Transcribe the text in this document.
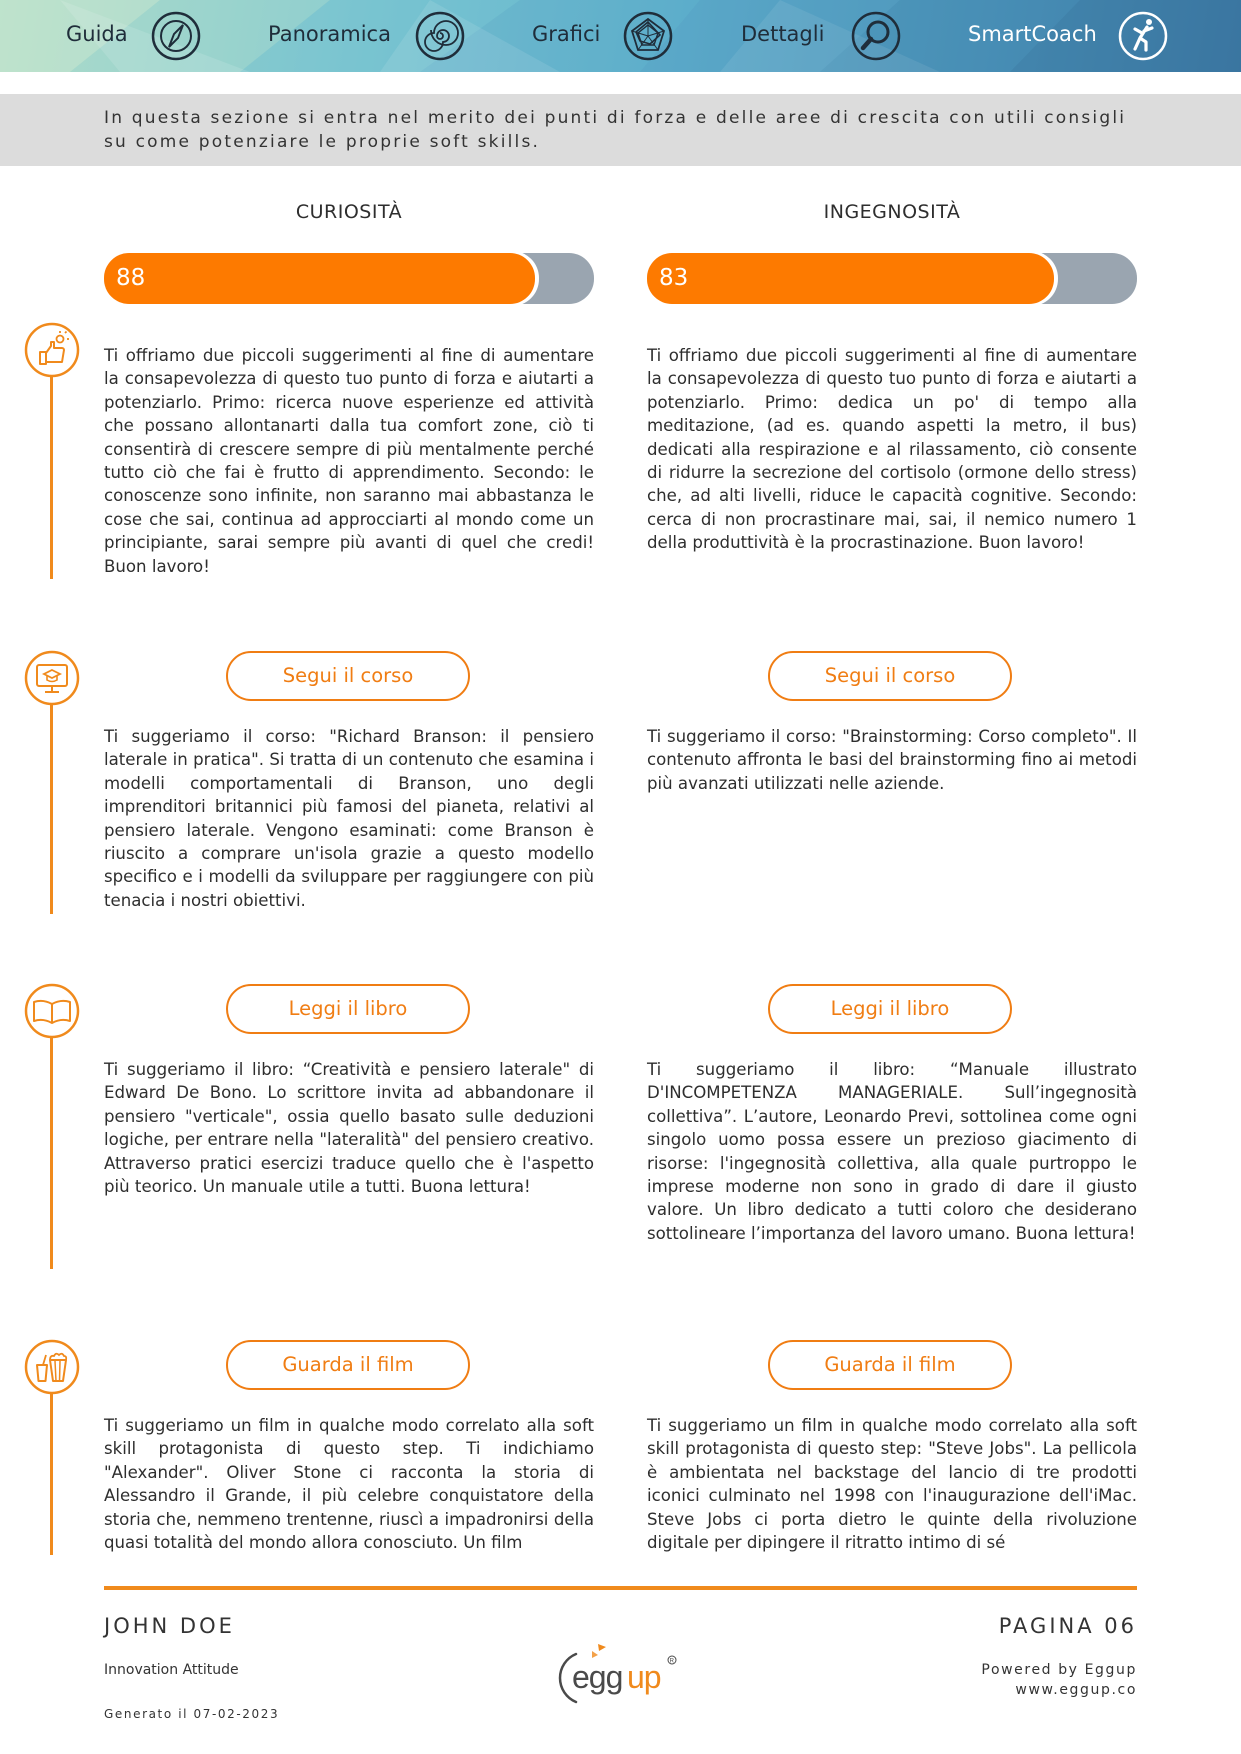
Guida	Panoramica	Grafici	Dettagli	SmartCoach

In questa sezione si entra nel merito dei punti di forza e delle aree di crescita con utili consigli su come potenziare le proprie soft skills.

CURIOSITÀ
88

Ti offriamo due piccoli suggerimenti al fine di aumentare la consapevolezza di questo tuo punto di forza e aiutarti a potenziarlo. Primo: ricerca nuove esperienze ed attività che possano allontanarti dalla tua comfort zone, ciò ti consentirà di crescere sempre di più mentalmente perché tutto ciò che fai è frutto di apprendimento. Secondo: le conoscenze sono infinite, non saranno mai abbastanza le cose che sai, continua ad approcciarti al mondo come un principiante, sarai sempre più avanti di quel che credi! Buon lavoro!

Segui il corso

Ti suggeriamo il corso: "Richard Branson: il pensiero laterale in pratica". Si tratta di un contenuto che esamina i modelli comportamentali di Branson, uno degli imprenditori britannici più famosi del pianeta, relativi al pensiero laterale. Vengono esaminati: come Branson è riuscito a comprare un'isola grazie a questo modello specifico e i modelli da sviluppare per raggiungere con più tenacia i nostri obiettivi.

Leggi il libro

Ti suggeriamo il libro: “Creatività e pensiero laterale" di Edward De Bono. Lo scrittore invita ad abbandonare il pensiero "verticale", ossia quello basato sulle deduzioni logiche, per entrare nella "lateralità" del pensiero creativo. Attraverso pratici esercizi traduce quello che è l'aspetto più teorico. Un manuale utile a tutti. Buona lettura!

Guarda il film

Ti suggeriamo un film in qualche modo correlato alla soft skill protagonista di questo step. Ti indichiamo "Alexander". Oliver Stone ci racconta la storia di Alessandro il Grande, il più celebre conquistatore della storia che, nemmeno trentenne, riuscì a impadronirsi della quasi totalità del mondo allora conosciuto. Un film

INGEGNOSITÀ
83

Ti offriamo due piccoli suggerimenti al fine di aumentare la consapevolezza di questo tuo punto di forza e aiutarti a potenziarlo. Primo: dedica un po' di tempo alla meditazione, (ad es. quando aspetti la metro, il bus) dedicati alla respirazione e al rilassamento, ciò consente di ridurre la secrezione del cortisolo (ormone dello stress) che, ad alti livelli, riduce le capacità cognitive. Secondo: cerca di non procrastinare mai, sai, il nemico numero 1 della produttività è la procrastinazione. Buon lavoro!

Segui il corso

Ti suggeriamo il corso: "Brainstorming: Corso completo". Il contenuto affronta le basi del brainstorming fino ai metodi più avanzati utilizzati nelle aziende.

Leggi il libro

Ti suggeriamo il libro: “Manuale illustrato D'INCOMPETENZA MANAGERIALE. Sull’ingegnosità collettiva”. L’autore, Leonardo Previ, sottolinea come ogni singolo uomo possa essere un prezioso giacimento di risorse: l'ingegnosità collettiva, alla quale purtroppo le imprese moderne non sono in grado di dare il giusto valore. Un libro dedicato a tutti coloro che desiderano sottolineare l’importanza del lavoro umano. Buona lettura!

Guarda il film

Ti suggeriamo un film in qualche modo correlato alla soft skill protagonista di questo step: "Steve Jobs". La pellicola è ambientata nel backstage del lancio di tre prodotti iconici culminato nel 1998 con l'inaugurazione dell'iMac. Steve Jobs ci porta dietro le quinte della rivoluzione digitale per dipingere il ritratto intimo di sé

JOHN DOE
Innovation Attitude
Generato il 07-02-2023
PAGINA 06
Powered by Eggup
www.eggup.co
egg up R
